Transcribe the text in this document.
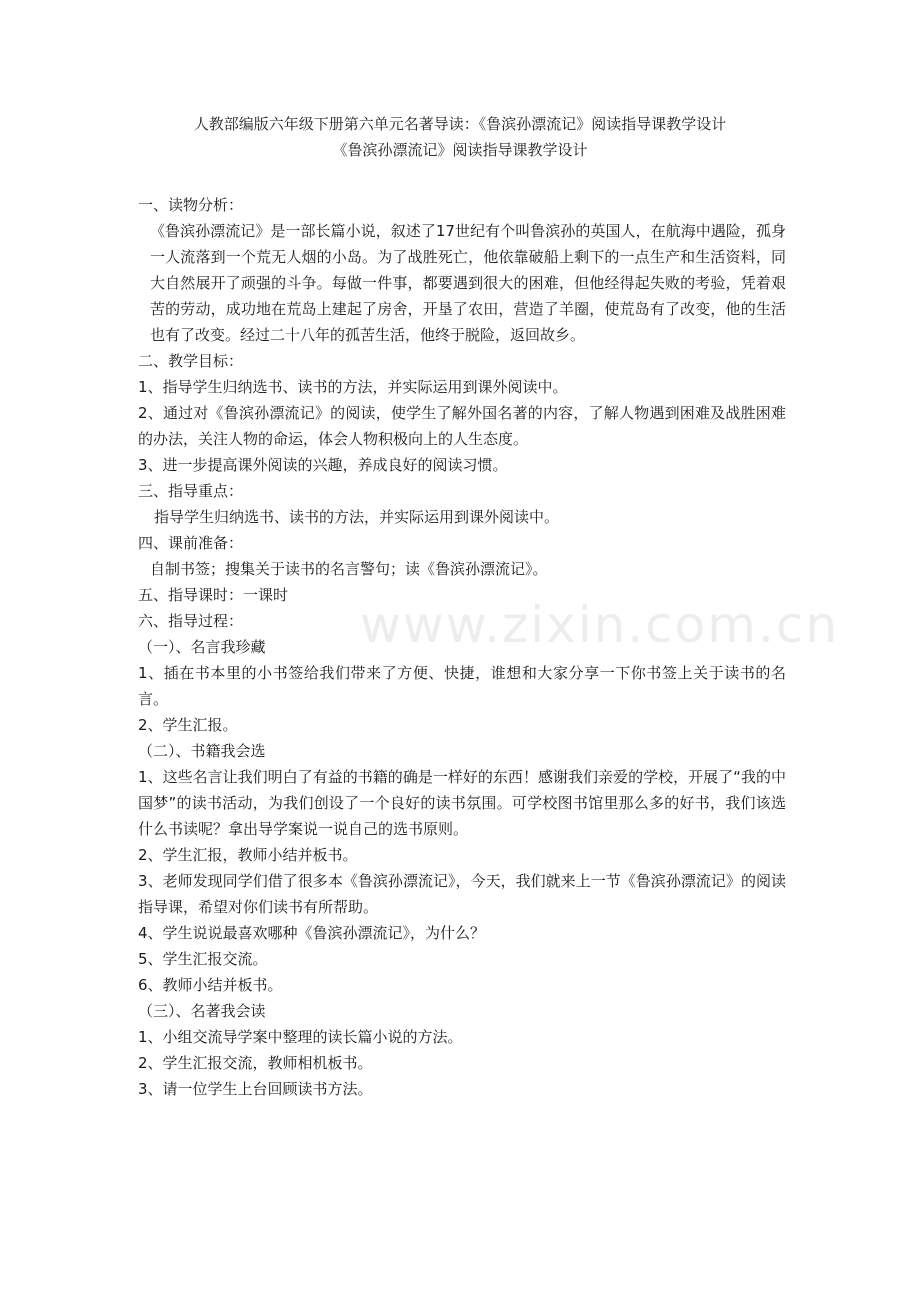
人教部编版六年级下册第六单元名著导读：《鲁滨孙漂流记》阅读指导课教学设计
《鲁滨孙漂流记》阅读指导课教学设计
一、读物分析：
《鲁滨孙漂流记》是一部长篇小说，叙述了17世纪有个叫鲁滨孙的英国人，在航海中遇险，孤身一人流落到一个荒无人烟的小岛。为了战胜死亡，他依靠破船上剩下的一点生产和生活资料，同大自然展开了顽强的斗争。每做一件事，都要遇到很大的困难，但他经得起失败的考验，凭着艰苦的劳动，成功地在荒岛上建起了房舍，开垦了农田，营造了羊圈，使荒岛有了改变，他的生活也有了改变。经过二十八年的孤苦生活，他终于脱险，返回故乡。
二、教学目标：
1、指导学生归纳选书、读书的方法，并实际运用到课外阅读中。
2、通过对《鲁滨孙漂流记》的阅读，使学生了解外国名著的内容，了解人物遇到困难及战胜困难的办法，关注人物的命运，体会人物积极向上的人生态度。
3、进一步提高课外阅读的兴趣，养成良好的阅读习惯。
三、指导重点：
指导学生归纳选书、读书的方法，并实际运用到课外阅读中。
四、课前准备：
自制书签；搜集关于读书的名言警句；读《鲁滨孙漂流记》。
五、指导课时：一课时
六、指导过程：
（一）、名言我珍藏
1、插在书本里的小书签给我们带来了方便、快捷，谁想和大家分享一下你书签上关于读书的名言。
2、学生汇报。
（二）、书籍我会选
1、这些名言让我们明白了有益的书籍的确是一样好的东西！感谢我们亲爱的学校，开展了“我的中国梦”的读书活动，为我们创设了一个良好的读书氛围。可学校图书馆里那么多的好书，我们该选什么书读呢？拿出导学案说一说自己的选书原则。
2、学生汇报，教师小结并板书。
3、老师发现同学们借了很多本《鲁滨孙漂流记》，今天，我们就来上一节《鲁滨孙漂流记》的阅读指导课，希望对你们读书有所帮助。
4、学生说说最喜欢哪种《鲁滨孙漂流记》，为什么？
5、学生汇报交流。
6、教师小结并板书。
（三）、名著我会读
1、小组交流导学案中整理的读长篇小说的方法。
2、学生汇报交流，教师相机板书。
3、请一位学生上台回顾读书方法。
www.zixin.com.cn
